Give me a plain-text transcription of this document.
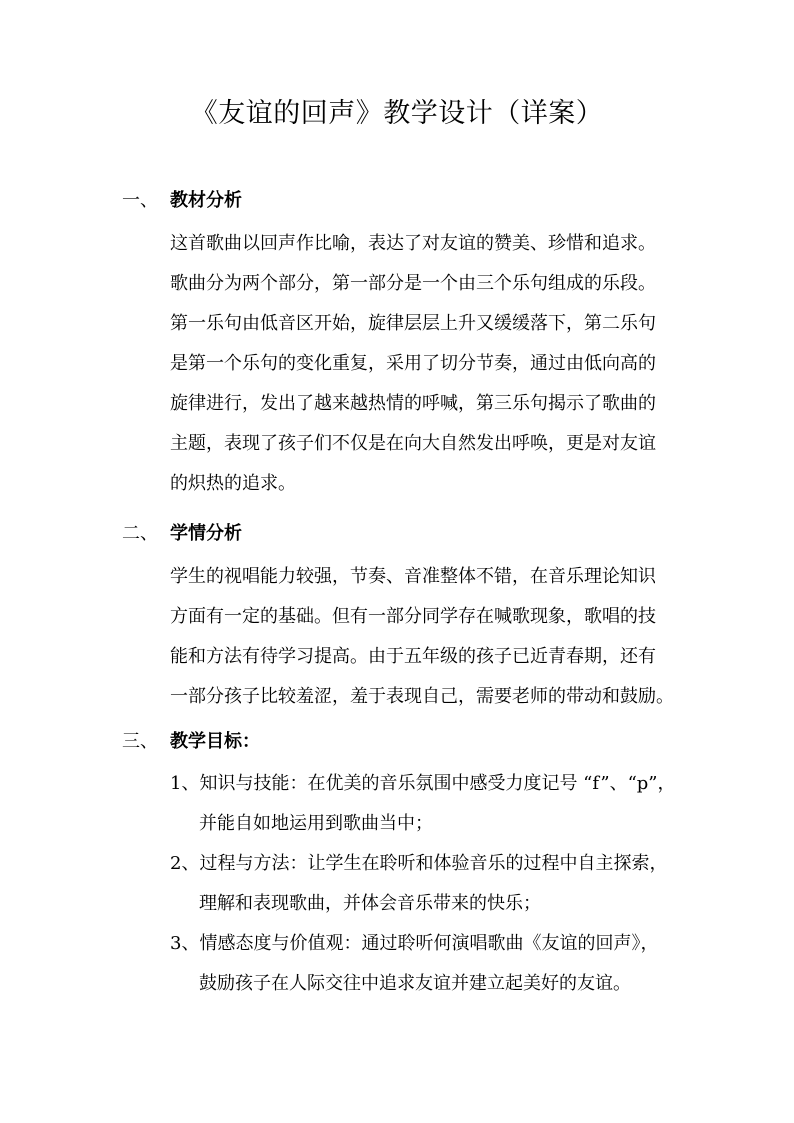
《友谊的回声》教学设计（详案）
一、 教材分析
这首歌曲以回声作比喻，表达了对友谊的赞美、珍惜和追求。
歌曲分为两个部分，第一部分是一个由三个乐句组成的乐段。
第一乐句由低音区开始，旋律层层上升又缓缓落下，第二乐句
是第一个乐句的变化重复，采用了切分节奏，通过由低向高的
旋律进行，发出了越来越热情的呼喊，第三乐句揭示了歌曲的
主题，表现了孩子们不仅是在向大自然发出呼唤，更是对友谊
的炽热的追求。
二、 学情分析
学生的视唱能力较强，节奏、音准整体不错，在音乐理论知识
方面有一定的基础。但有一部分同学存在喊歌现象，歌唱的技
能和方法有待学习提高。由于五年级的孩子已近青春期，还有
一部分孩子比较羞涩，羞于表现自己，需要老师的带动和鼓励。
三、 教学目标：
1、知识与技能：在优美的音乐氛围中感受力度记号 “f”、“p”，
并能自如地运用到歌曲当中；
2、过程与方法：让学生在聆听和体验音乐的过程中自主探索，
理解和表现歌曲，并体会音乐带来的快乐；
3、情感态度与价值观：通过聆听何演唱歌曲《友谊的回声》，
鼓励孩子在人际交往中追求友谊并建立起美好的友谊。
